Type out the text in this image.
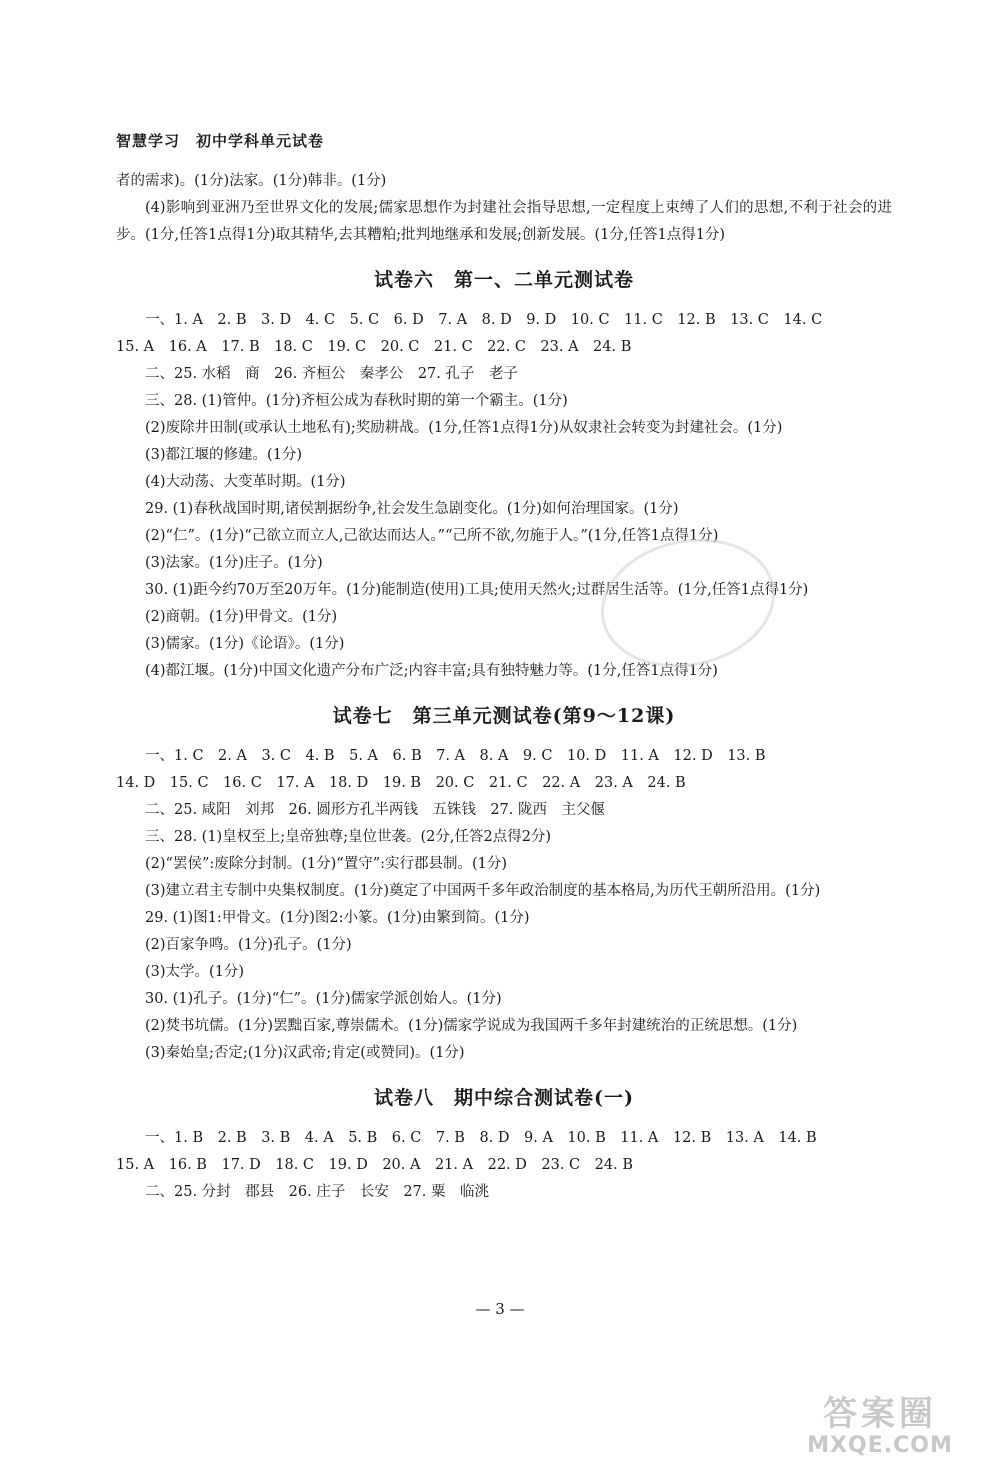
智慧学习　初中学科单元试卷
者的需求)。(1分)法家。(1分)韩非。(1分)
(4)影响到亚洲乃至世界文化的发展;儒家思想作为封建社会指导思想,一定程度上束缚了人们的思想,不利于社会的进步。(1分,任答1点得1分)取其精华,去其糟粕;批判地继承和发展;创新发展。(1分,任答1点得1分)
试卷六　第一、二单元测试卷
一、1. A　2. B　3. D　4. C　5. C　6. D　7. A　8. D　9. D　10. C　11. C　12. B　13. C　14. C
15. A　16. A　17. B　18. C　19. C　20. C　21. C　22. C　23. A　24. B
二、25. 水稻　商　26. 齐桓公　秦孝公　27. 孔子　老子
三、28. (1)管仲。(1分)齐桓公成为春秋时期的第一个霸主。(1分)
(2)废除井田制(或承认土地私有);奖励耕战。(1分,任答1点得1分)从奴隶社会转变为封建社会。(1分)
(3)都江堰的修建。(1分)
(4)大动荡、大变革时期。(1分)
29. (1)春秋战国时期,诸侯割据纷争,社会发生急剧变化。(1分)如何治理国家。(1分)
(2)“仁”。(1分)“己欲立而立人,己欲达而达人。”“己所不欲,勿施于人。”(1分,任答1点得1分)
(3)法家。(1分)庄子。(1分)
30. (1)距今约70万至20万年。(1分)能制造(使用)工具;使用天然火;过群居生活等。(1分,任答1点得1分)
(2)商朝。(1分)甲骨文。(1分)
(3)儒家。(1分)《论语》。(1分)
(4)都江堰。(1分)中国文化遗产分布广泛;内容丰富;具有独特魅力等。(1分,任答1点得1分)
试卷七　第三单元测试卷(第9～12课)
一、1. C　2. A　3. C　4. B　5. A　6. B　7. A　8. A　9. C　10. D　11. A　12. D　13. B
14. D　15. C　16. C　17. A　18. D　19. B　20. C　21. C　22. A　23. A　24. B
二、25. 咸阳　刘邦　26. 圆形方孔半两钱　五铢钱　27. 陇西　主父偃
三、28. (1)皇权至上;皇帝独尊;皇位世袭。(2分,任答2点得2分)
(2)“罢侯”:废除分封制。(1分)“置守”:实行郡县制。(1分)
(3)建立君主专制中央集权制度。(1分)奠定了中国两千多年政治制度的基本格局,为历代王朝所沿用。(1分)
29. (1)图1:甲骨文。(1分)图2:小篆。(1分)由繁到简。(1分)
(2)百家争鸣。(1分)孔子。(1分)
(3)太学。(1分)
30. (1)孔子。(1分)“仁”。(1分)儒家学派创始人。(1分)
(2)焚书坑儒。(1分)罢黜百家,尊崇儒术。(1分)儒家学说成为我国两千多年封建统治的正统思想。(1分)
(3)秦始皇;否定;(1分)汉武帝;肯定(或赞同)。(1分)
试卷八　期中综合测试卷(一)
一、1. B　2. B　3. B　4. A　5. B　6. C　7. B　8. D　9. A　10. B　11. A　12. B　13. A　14. B
15. A　16. B　17. D　18. C　19. D　20. A　21. A　22. D　23. C　24. B
二、25. 分封　郡县　26. 庄子　长安　27. 粟　临洮
— 3 —
答案圈
MXQE.COM
